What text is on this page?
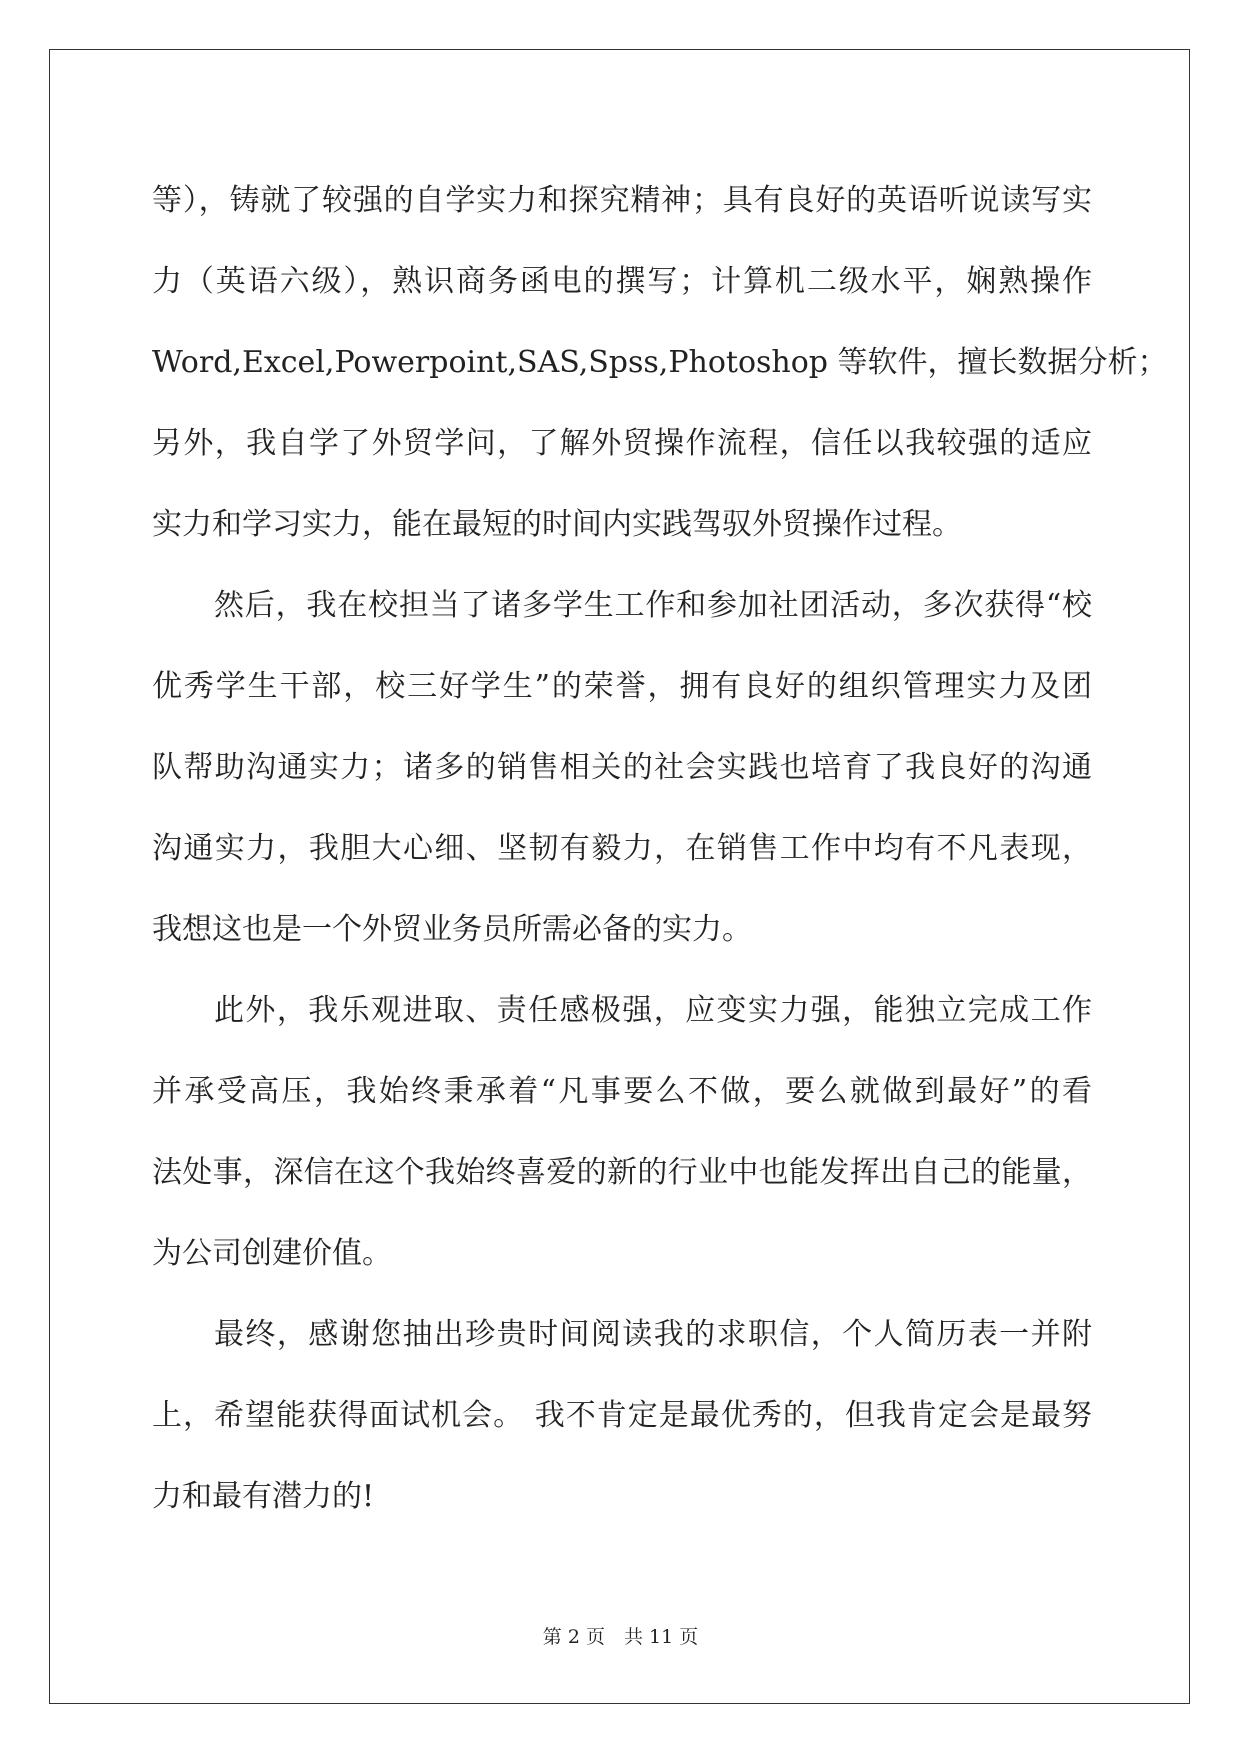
等），铸就了较强的自学实力和探究精神；具有良好的英语听说读写实
力（英语六级），熟识商务函电的撰写；计算机二级水平，娴熟操作
Word,Excel,Powerpoint,SAS,Spss,Photoshop 等软件，擅长数据分析；
另外，我自学了外贸学问，了解外贸操作流程，信任以我较强的适应
实力和学习实力，能在最短的时间内实践驾驭外贸操作过程。
然后，我在校担当了诸多学生工作和参加社团活动，多次获得“校
优秀学生干部，校三好学生”的荣誉，拥有良好的组织管理实力及团
队帮助沟通实力；诸多的销售相关的社会实践也培育了我良好的沟通
沟通实力，我胆大心细、坚韧有毅力，在销售工作中均有不凡表现，
我想这也是一个外贸业务员所需必备的实力。
此外，我乐观进取、责任感极强，应变实力强，能独立完成工作
并承受高压，我始终秉承着“凡事要么不做，要么就做到最好”的看
法处事，深信在这个我始终喜爱的新的行业中也能发挥出自己的能量，
为公司创建价值。
最终，感谢您抽出珍贵时间阅读我的求职信，个人简历表一并附
上，希望能获得面试机会。 我不肯定是最优秀的，但我肯定会是最努
力和最有潜力的!
第 2 页　共 11 页
